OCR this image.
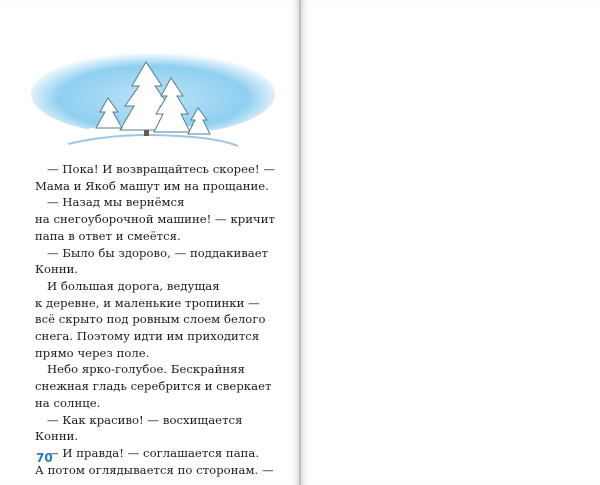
— Пока! И возвращайтесь скорее! —

Мама и Якоб машут им на прощание.

— Назад мы вернёмся

на снегоуборочной машине! — кричит

папа в ответ и смеётся.

— Было бы здорово, — поддакивает

Конни.

И большая дорога, ведущая

к деревне, и маленькие тропинки —

всё скрыто под ровным слоем белого

снега. Поэтому идти им приходится

прямо через поле.

Небо ярко-голубое. Бескрайняя

снежная гладь серебрится и сверкает

на солнце.

— Как красиво! — восхищается

Конни.

— И правда! — соглашается папа.

А потом оглядывается по сторонам. —

70
